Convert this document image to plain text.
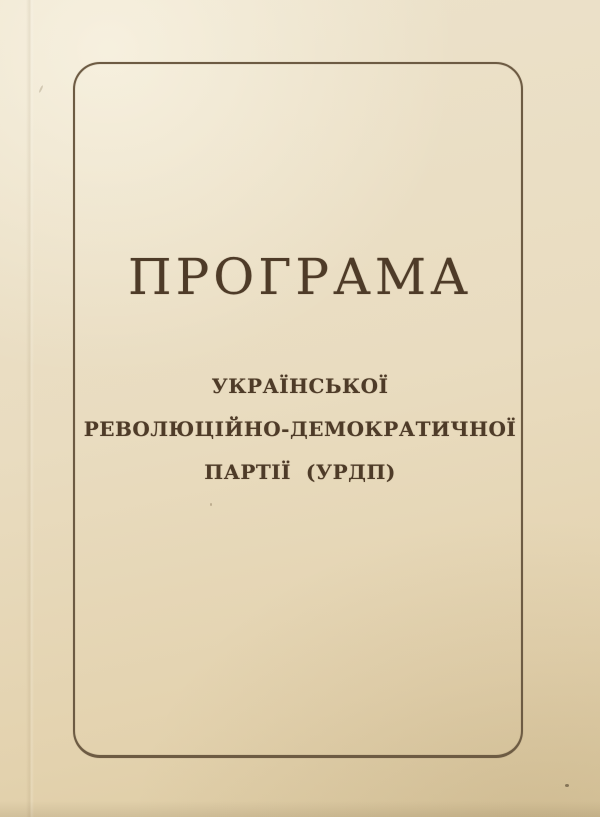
ПРОГРАМА
УКРАЇНСЬКОЇ
РЕВОЛЮЦІЙНО-ДЕМОКРАТИЧНОЇ
ПАРТІЇ  (УРДП)
